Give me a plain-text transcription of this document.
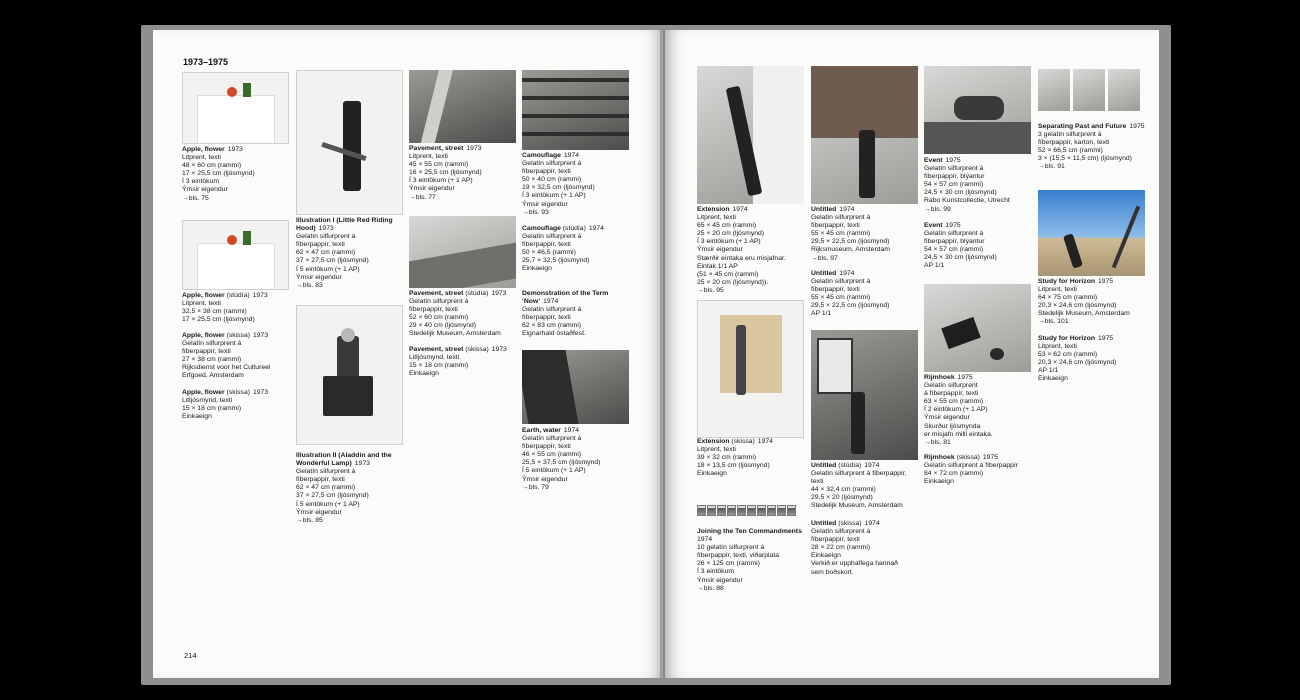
1973–1975
Apple, flower 1973
Litprent, texti
48 × 60 cm (rammi)
17 × 25,5 cm (ljósmynd)
Í 3 eintökum
Ýmsir eigendur
→bls. 75
Apple, flower (stúdía) 1973
Litprent, texti
32,5 × 38 cm (rammi)
17 × 25,5 cm (ljósmynd)
Apple, flower (skissa) 1973
Gelatín silfurprent á
fíberpappír, texti
27 × 38 cm (rammi)
Rijksdienst voor het Cultureel
Erfgoed, Amsterdam
Apple, flower (skissa) 1973
Litljósmynd, texti
15 × 18 cm (rammi)
Einkaeign
Illustration I (Little Red Riding Hood) 1973
Gelatín silfurprent á
fíberpappír, texti
62 × 47 cm (rammi)
37 × 27,5 cm (ljósmynd)
Í 5 eintökum (+ 1 AP)
Ýmsir eigendur
→bls. 83
Illustration II (Aladdin and the Wonderful Lamp) 1973
Gelatín silfurprent á
fíberpappír, texti
62 × 47 cm (rammi)
37 × 27,5 cm (ljósmynd)
Í 5 eintökum (+ 1 AP)
Ýmsir eigendur
→bls. 85
Pavement, street 1973
Litprent, texti
45 × 55 cm (rammi)
16 × 25,5 cm (ljósmynd)
Í 3 eintökum (+ 1 AP)
Ýmsir eigendur
→bls. 77
Pavement, street (stúdía) 1973
Gelatín silfurprent á
fíberpappír, texti
52 × 60 cm (rammi)
29 × 40 cm (ljósmynd)
Stedelijk Museum, Amsterdam
Pavement, street (skissa) 1973
Litljósmynd, texti
15 × 18 cm (rammi)
Einkaeign
Camouflage 1974
Gelatín silfurprent á
fíberpappír, texti
50 × 40 cm (rammi)
19 × 32,5 cm (ljósmynd)
Í 3 eintökum (+ 1 AP)
Ýmsir eigendur
→bls. 93
Camouflage (stúdía) 1974
Gelatín silfurprent á
fíberpappír, texti
50 × 46,5 (rammi)
25,7 × 32,5 (ljósmynd)
Einkaeign
Demonstration of the Term ‘Now’ 1974
Gelatín silfurprent á
fíberpappír, texti
62 × 83 cm (rammi)
Eignarhald óstaðfest.
Earth, water 1974
Gelatín silfurprent á
fíberpappír, texti
46 × 55 cm (rammi)
25,5 × 37,5 cm (ljósmynd)
Í 5 eintökum (+ 1 AP)
Ýmsir eigendur
→bls. 79
214
Extension 1974
Litprent, texti
65 × 45 cm (rammi)
25 × 20 cm (ljósmynd)
Í 3 eintökum (+ 1 AP)
Ýmsir eigendur
Stærðir eintaka eru misjafnar.
Eintak 1/1 AP
(51 × 45 cm (rammi)
25 × 20 cm (ljósmynd)).
→bls. 95
Extension (skissa) 1974
Litprent, texti
39 × 32 cm (rammi)
18 × 13,5 cm (ljósmynd)
Einkaeign
Joining the Ten Commandments
1974
10 gelatín silfurprent á
fíberpappír, texti, viðarplata
26 × 125 cm (rammi)
Í 3 eintökum
Ýmsir eigendur
→bls. 88
Untitled 1974
Gelatín silfurprent á
fíberpappír, texti
55 × 45 cm (rammi)
29,5 × 22,5 cm (ljósmynd)
Rijksmuseum, Amsterdam
→bls. 97
Untitled 1974
Gelatín silfurprent á
fíberpappír, texti
55 × 45 cm (rammi)
29,5 × 22,5 cm (ljósmynd)
AP 1/1
Untitled (stúdía) 1974
Gelatín silfurprent á fíberpappír,
texti
44 × 32,4 cm (rammi)
29,5 × 20 (ljósmynd)
Stedelijk Museum, Amsterdam
Untitled (skissa) 1974
Gelatín silfurprent á
fíberpappír, texti
28 × 22 cm (rammi)
Einkaeign
Verkið er upphaflega hannað
sem boðskort.
Event 1975
Gelatín silfurprent á
fíberpappír, blýantur
54 × 57 cm (rammi)
24,5 × 30 cm (ljósmynd)
Rabo Kunstcollectie, Utrecht
→bls. 99
Event 1975
Gelatín silfurprent á
fíberpappír, blýantur
54 × 57 cm (rammi)
24,5 × 30 cm (ljósmynd)
AP 1/1
Rijmhoek 1975
Gelatín silfurprent
á fíberpappír, texti
63 × 55 cm (rammi)
Í 2 eintökum (+ 1 AP)
Ýmsir eigendur
Skurður ljósmynda
er misjafn milli eintaka.
→bls. 81
Rijmhoek (skissa) 1975
Gelatín silfurprent á fíberpappír
84 × 72 cm (rammi)
Einkaeign
Separating Past and Future 1975
3 gelatín silfurprent á
fíberpappír, karton, texti
52 × 66,5 cm (rammi)
3 × (15,5 × 11,5 cm) (ljósmynd)
→bls. 91
Study for Horizon 1975
Litprent, texti
64 × 75 cm (rammi)
20,3 × 24,6 cm (ljósmynd)
Stedelijk Museum, Amsterdam
→bls. 101
Study for Horizon 1975
Litprent, texti
53 × 62 cm (rammi)
20,3 × 24,6 cm (ljósmynd)
AP 1/1
Einkaeign
